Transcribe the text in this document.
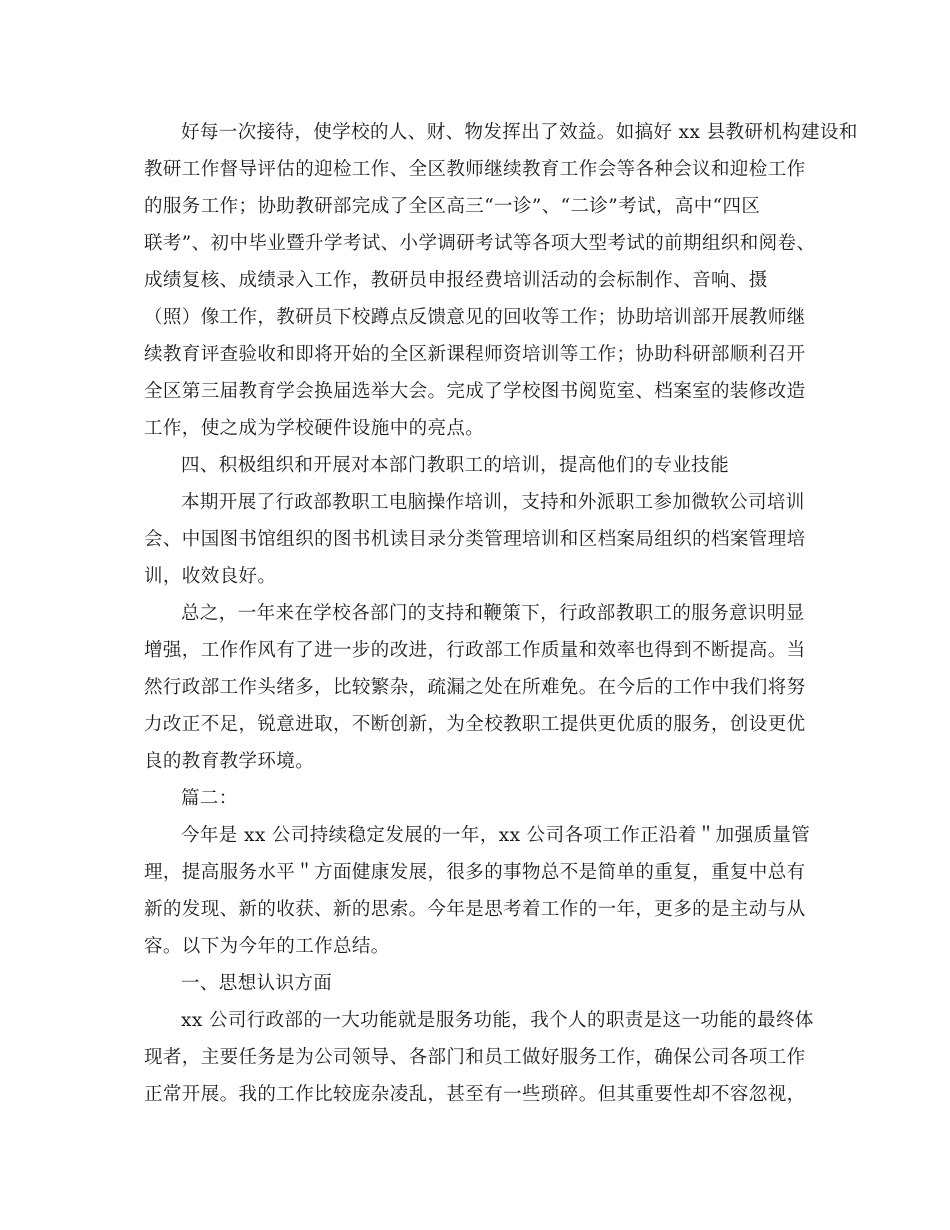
好每一次接待，使学校的人、财、物发挥出了效益。如搞好 xx 县教研机构建设和
教研工作督导评估的迎检工作、全区教师继续教育工作会等各种会议和迎检工作
的服务工作；协助教研部完成了全区高三“一诊”、“二诊”考试，高中“四区
联考”、初中毕业暨升学考试、小学调研考试等各项大型考试的前期组织和阅卷、
成绩复核、成绩录入工作，教研员申报经费培训活动的会标制作、音响、摄
（照）像工作，教研员下校蹲点反馈意见的回收等工作；协助培训部开展教师继
续教育评查验收和即将开始的全区新课程师资培训等工作；协助科研部顺利召开
全区第三届教育学会换届选举大会。完成了学校图书阅览室、档案室的装修改造
工作，使之成为学校硬件设施中的亮点。
四、积极组织和开展对本部门教职工的培训，提高他们的专业技能
本期开展了行政部教职工电脑操作培训，支持和外派职工参加微软公司培训
会、中国图书馆组织的图书机读目录分类管理培训和区档案局组织的档案管理培
训，收效良好。
总之，一年来在学校各部门的支持和鞭策下，行政部教职工的服务意识明显
增强，工作作风有了进一步的改进，行政部工作质量和效率也得到不断提高。当
然行政部工作头绪多，比较繁杂，疏漏之处在所难免。在今后的工作中我们将努
力改正不足，锐意进取，不断创新，为全校教职工提供更优质的服务，创设更优
良的教育教学环境。
篇二：
今年是 xx 公司持续稳定发展的一年，xx 公司各项工作正沿着＂加强质量管
理，提高服务水平＂方面健康发展，很多的事物总不是简单的重复，重复中总有
新的发现、新的收获、新的思索。今年是思考着工作的一年，更多的是主动与从
容。以下为今年的工作总结。
一、思想认识方面
xx 公司行政部的一大功能就是服务功能，我个人的职责是这一功能的最终体
现者，主要任务是为公司领导、各部门和员工做好服务工作，确保公司各项工作
正常开展。我的工作比较庞杂凌乱，甚至有一些琐碎。但其重要性却不容忽视，
